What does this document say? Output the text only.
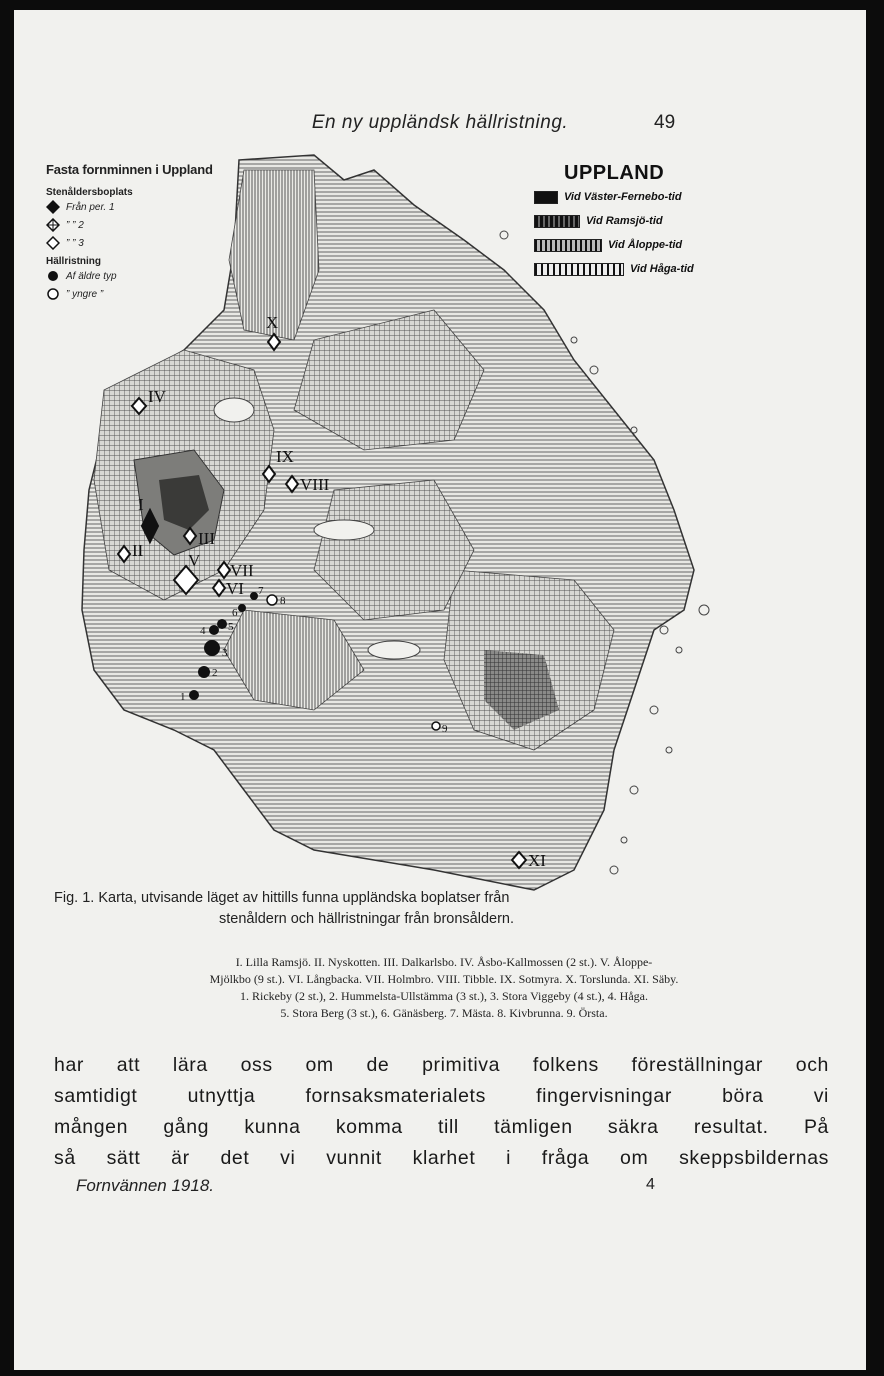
En ny uppländsk hällristning.	49
I
II
III
IV
V
VI
VII
VIII
IX
X
XI
1
2
3
4 5
6
7
8
9
Fasta fornminnen i Uppland
Stenåldersboplats
Från per. 1
” ” 2
” ” 3
Hällristning
Af äldre typ
” yngre ”
UPPLAND
Vid Väster-Fernebo-tid
Vid Ramsjö-tid
Vid Åloppe-tid
Vid Håga-tid
Fig. 1. Karta, utvisande läget av hittills funna uppländska boplatser från
stenåldern och hällristningar från bronsåldern.
I. Lilla Ramsjö. II. Nyskotten. III. Dalkarlsbo. IV. Åsbo-Kallmossen (2 st.). V. Åloppe-
Mjölkbo (9 st.). VI. Långbacka. VII. Holmbro. VIII. Tibble. IX. Sotmyra. X. Torslunda. XI. Säby.
1. Rickeby (2 st.), 2. Hummelsta-Ullstämma (3 st.), 3. Stora Viggeby (4 st.), 4. Håga.
5. Stora Berg (3 st.), 6. Gänäsberg. 7. Mästa. 8. Kivbrunna. 9. Örsta.
har att lära oss om de primitiva folkens föreställningar och
samtidigt utnyttja fornsaksmaterialets fingervisningar böra vi
mången gång kunna komma till tämligen säkra resultat. På
så sätt är det vi vunnit klarhet i fråga om skeppsbildernas
Fornvännen 1918.	4
